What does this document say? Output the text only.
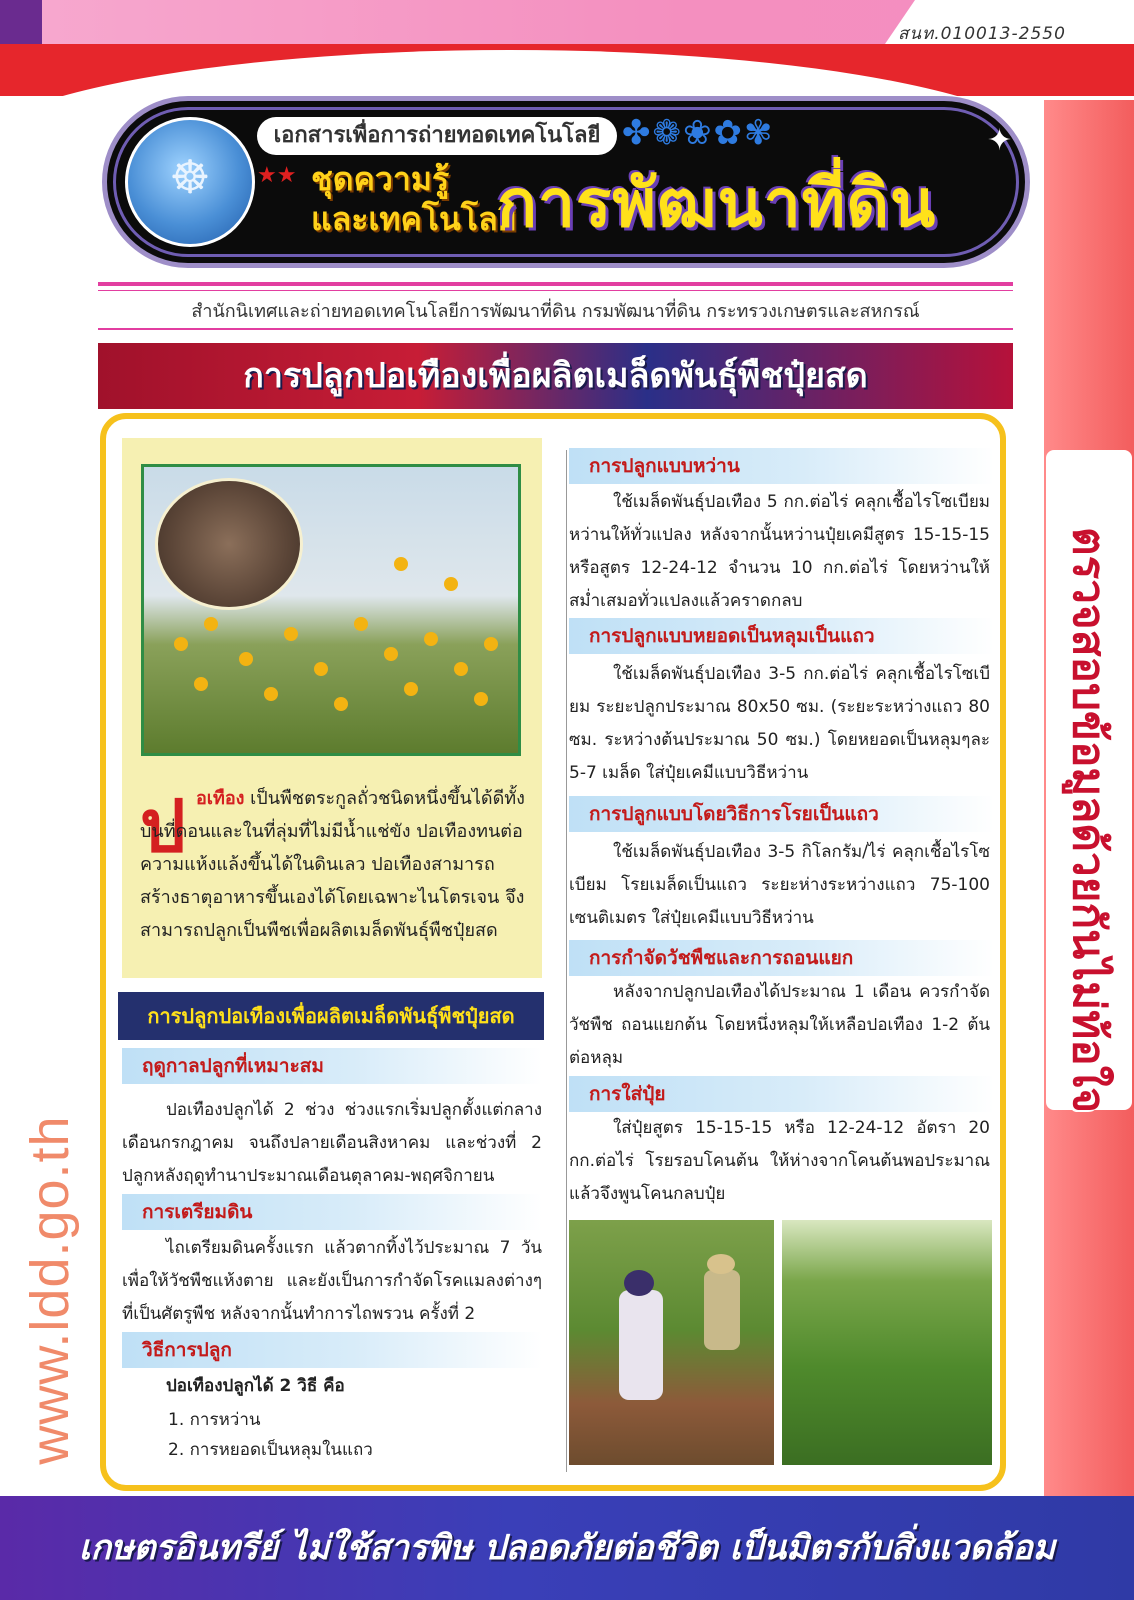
สนท.010013-2550
☸
เอกสารเพื่อการถ่ายทอดเทคโนโลยี ✤❁❀✿✾
★★ ชุดความรู้
และเทคโนโลยี
การพัฒนาที่ดิน
✦
สำนักนิเทศและถ่ายทอดเทคโนโลยีการพัฒนาที่ดิน กรมพัฒนาที่ดิน กระทรวงเกษตรและสหกรณ์
การปลูกปอเทืองเพื่อผลิตเมล็ดพันธุ์พืชปุ๋ยสด
ป อเทือง เป็นพืชตระกูลถั่วชนิดหนึ่งขึ้นได้ดีทั้งบนที่ดอนและในที่ลุ่มที่ไม่มีน้ำแช่ขัง ปอเทืองทนต่อความแห้งแล้งขึ้นได้ในดินเลว ปอเทืองสามารถสร้างธาตุอาหารขึ้นเองได้โดยเฉพาะไนโตรเจน จึงสามารถปลูกเป็นพืชเพื่อผลิตเมล็ดพันธุ์พืชปุ๋ยสด
การปลูกปอเทืองเพื่อผลิตเมล็ดพันธุ์พืชปุ๋ยสด
ฤดูกาลปลูกที่เหมาะสม
ปอเทืองปลูกได้ 2 ช่วง ช่วงแรกเริ่มปลูกตั้งแต่กลางเดือนกรกฎาคม จนถึงปลายเดือนสิงหาคม และช่วงที่ 2 ปลูกหลังฤดูทำนาประมาณเดือนตุลาคม-พฤศจิกายน
การเตรียมดิน
ไถเตรียมดินครั้งแรก แล้วตากทิ้งไว้ประมาณ 7 วัน เพื่อให้วัชพืชแห้งตาย และยังเป็นการกำจัดโรคแมลงต่างๆ ที่เป็นศัตรูพืช หลังจากนั้นทำการไถพรวน ครั้งที่ 2
วิธีการปลูก
ปอเทืองปลูกได้ 2 วิธี คือ
1. การหว่าน
2. การหยอดเป็นหลุมในแถว
การปลูกแบบหว่าน
ใช้เมล็ดพันธุ์ปอเทือง 5 กก.ต่อไร่ คลุกเชื้อไรโซเบียม หว่านให้ทั่วแปลง หลังจากนั้นหว่านปุ๋ยเคมีสูตร 15-15-15 หรือสูตร 12-24-12 จำนวน 10 กก.ต่อไร่ โดยหว่านให้สม่ำเสมอทั่วแปลงแล้วคราดกลบ
การปลูกแบบหยอดเป็นหลุมเป็นแถว
ใช้เมล็ดพันธุ์ปอเทือง 3-5 กก.ต่อไร่ คลุกเชื้อไรโซเบียม ระยะปลูกประมาณ 80x50 ซม. (ระยะระหว่างแถว 80 ซม. ระหว่างต้นประมาณ 50 ซม.) โดยหยอดเป็นหลุมๆละ 5-7 เมล็ด ใส่ปุ๋ยเคมีแบบวิธีหว่าน
การปลูกแบบโดยวิธีการโรยเป็นแถว
ใช้เมล็ดพันธุ์ปอเทือง 3-5 กิโลกรัม/ไร่ คลุกเชื้อไรโซเบียม โรยเมล็ดเป็นแถว ระยะห่างระหว่างแถว 75-100 เซนติเมตร ใส่ปุ๋ยเคมีแบบวิธีหว่าน
การกำจัดวัชพืชและการถอนแยก
หลังจากปลูกปอเทืองได้ประมาณ 1 เดือน ควรกำจัดวัชพืช ถอนแยกต้น โดยหนึ่งหลุมให้เหลือปอเทือง 1-2 ต้นต่อหลุม
การใส่ปุ๋ย
ใส่ปุ๋ยสูตร 15-15-15 หรือ 12-24-12 อัตรา 20 กก.ต่อไร่ โรยรอบโคนต้น ให้ห่างจากโคนต้นพอประมาณ แล้วจึงพูนโคนกลบปุ๋ย
ตรวจสอบข้อมูลด้วยกันไม่ท้อใจ
www.ldd.go.th
เกษตรอินทรีย์ ไม่ใช้สารพิษ ปลอดภัยต่อชีวิต เป็นมิตรกับสิ่งแวดล้อม
